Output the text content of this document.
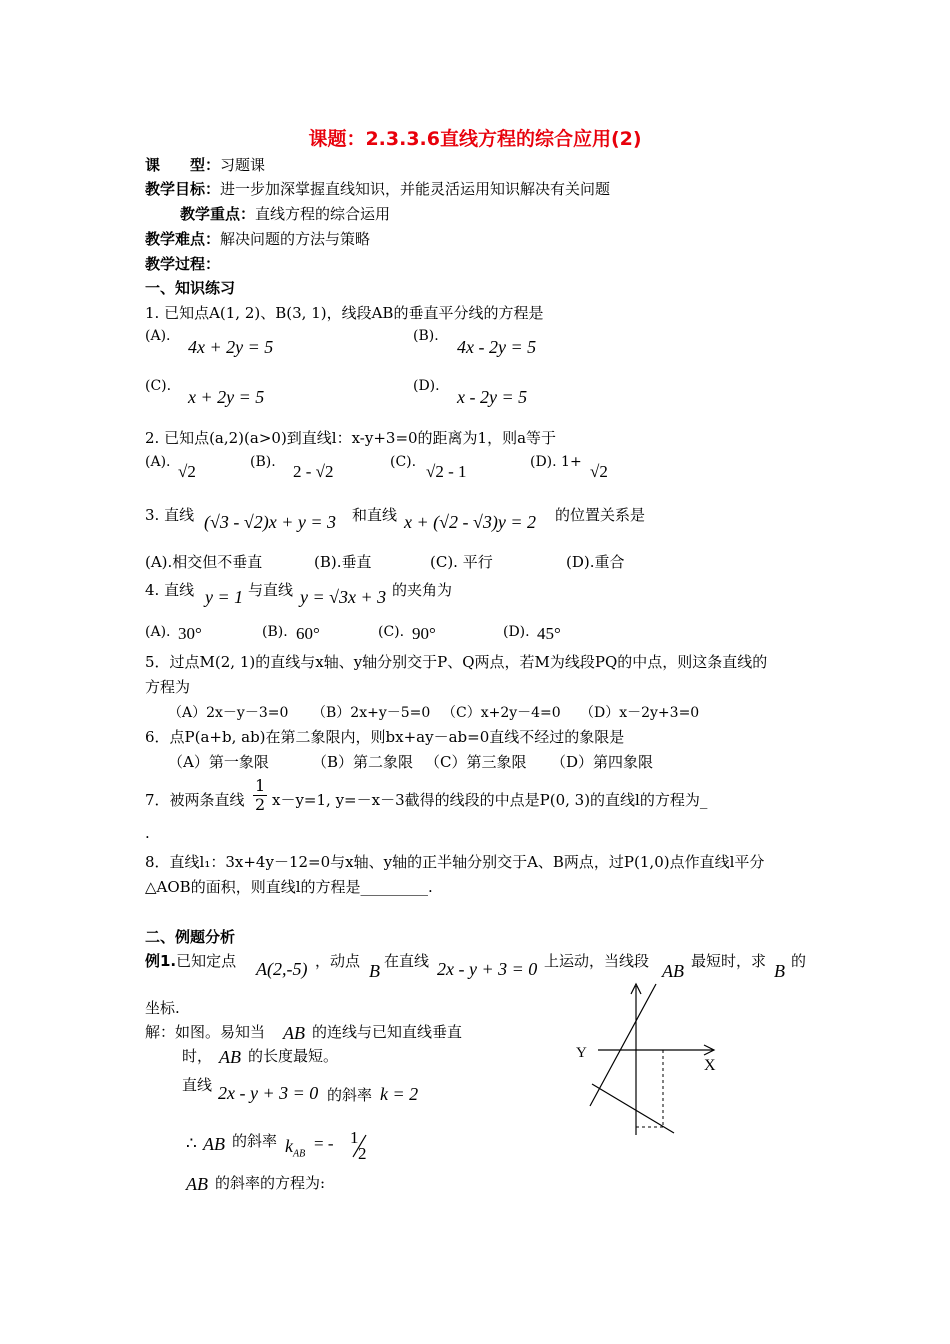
课题：2.3.3.6直线方程的综合应用(2)
课　　型：习题课
教学目标：进一步加深掌握直线知识，并能灵活运用知识解决有关问题
教学重点：直线方程的综合运用
教学难点：解决问题的方法与策略
教学过程：
一、知识练习
1. 已知点A(1, 2)、B(3, 1)，线段AB的垂直平分线的方程是
(A).
4x + 2y = 5
(B).
4x - 2y = 5
(C).
x + 2y = 5
(D).
x - 2y = 5
2. 已知点(a,2)(a>0)到直线l：x-y+3=0的距离为1，则a等于
(A). √2	(B). 2 - √2	(C). √2 - 1	(D). 1+ √2
3. 直线 (√3 - √2)x + y = 3 和直线 x + (√2 - √3)y = 2 的位置关系是
(A).相交但不垂直	(B).垂直	(C). 平行	(D).重合
4. 直线 y = 1 与直线 y = √3x + 3 的夹角为
(A). 30°	(B). 60°	(C). 90°	(D). 45°
5．过点M(2, 1)的直线与x轴、y轴分别交于P、Q两点，若M为线段PQ的中点，则这条直线的
方程为
（A）2x－y－3=0 （B）2x+y－5=0 （C）x+2y－4=0 （D）x－2y+3=0
6．点P(a+b, ab)在第二象限内，则bx+ay－ab=0直线不经过的象限是
（A）第一象限	（B）第二象限 （C）第三象限 （D）第四象限
7．被两条直线 $\frac{1}{2} x-y=1$, y=－x－3截得的线段的中点是P(0, 3)的直线l的方程为_
.
8．直线l₁：3x+4y－12=0与x轴、y轴的正半轴分别交于A、B两点，过P(1,0)点作直线l平分
△AOB的面积，则直线l的方程是_________.
二、例题分析
例1.已知定点 A(2,-5) ，动点 B 在直线 2x - y + 3 = 0 上运动，当线段 AB 最短时，求 B 的
坐标.
解：如图。易知当 AB 的连线与已知直线垂直
时， AB 的长度最短。
直线 2x - y + 3 = 0 的斜率 k = 2
∴ AB 的斜率 $k_{AB}$
= - 1
2
AB 的斜率的方程为:
Y
X
